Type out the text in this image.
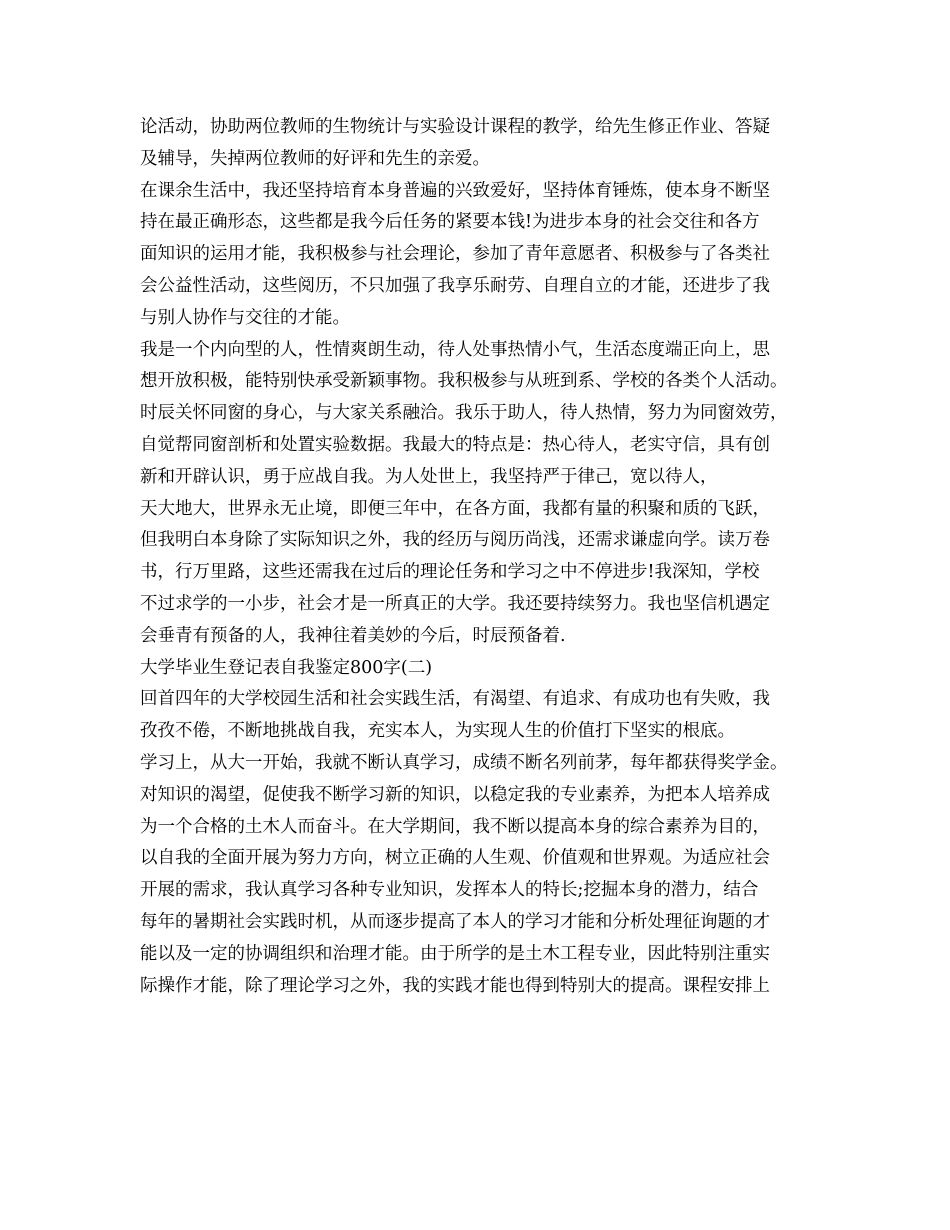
论活动，协助两位教师的生物统计与实验设计课程的教学，给先生修正作业、答疑
及辅导，失掉两位教师的好评和先生的亲爱。
在课余生活中，我还坚持培育本身普遍的兴致爱好，坚持体育锤炼，使本身不断坚
持在最正确形态，这些都是我今后任务的紧要本钱!为进步本身的社会交往和各方
面知识的运用才能，我积极参与社会理论，参加了青年意愿者、积极参与了各类社
会公益性活动，这些阅历，不只加强了我享乐耐劳、自理自立的才能，还进步了我
与别人协作与交往的才能。
我是一个内向型的人，性情爽朗生动，待人处事热情小气，生活态度端正向上，思
想开放积极，能特别快承受新颖事物。我积极参与从班到系、学校的各类个人活动。
时辰关怀同窗的身心，与大家关系融洽。我乐于助人，待人热情，努力为同窗效劳，
自觉帮同窗剖析和处置实验数据。我最大的特点是：热心待人，老实守信，具有创
新和开辟认识，勇于应战自我。为人处世上，我坚持严于律己，宽以待人，
天大地大，世界永无止境，即便三年中，在各方面，我都有量的积聚和质的飞跃，
但我明白本身除了实际知识之外，我的经历与阅历尚浅，还需求谦虚向学。读万卷
书，行万里路，这些还需我在过后的理论任务和学习之中不停进步!我深知，学校
不过求学的一小步，社会才是一所真正的大学。我还要持续努力。我也坚信机遇定
会垂青有预备的人，我神往着美妙的今后，时辰预备着.
大学毕业生登记表自我鉴定800字(二)
回首四年的大学校园生活和社会实践生活，有渴望、有追求、有成功也有失败，我
孜孜不倦，不断地挑战自我，充实本人，为实现人生的价值打下坚实的根底。
学习上，从大一开始，我就不断认真学习，成绩不断名列前茅，每年都获得奖学金。
对知识的渴望，促使我不断学习新的知识，以稳定我的专业素养，为把本人培养成
为一个合格的土木人而奋斗。在大学期间，我不断以提高本身的综合素养为目的，
以自我的全面开展为努力方向，树立正确的人生观、价值观和世界观。为适应社会
开展的需求，我认真学习各种专业知识，发挥本人的特长;挖掘本身的潜力，结合
每年的暑期社会实践时机，从而逐步提高了本人的学习才能和分析处理征询题的才
能以及一定的协调组织和治理才能。由于所学的是土木工程专业，因此特别注重实
际操作才能，除了理论学习之外，我的实践才能也得到特别大的提高。课程安排上
